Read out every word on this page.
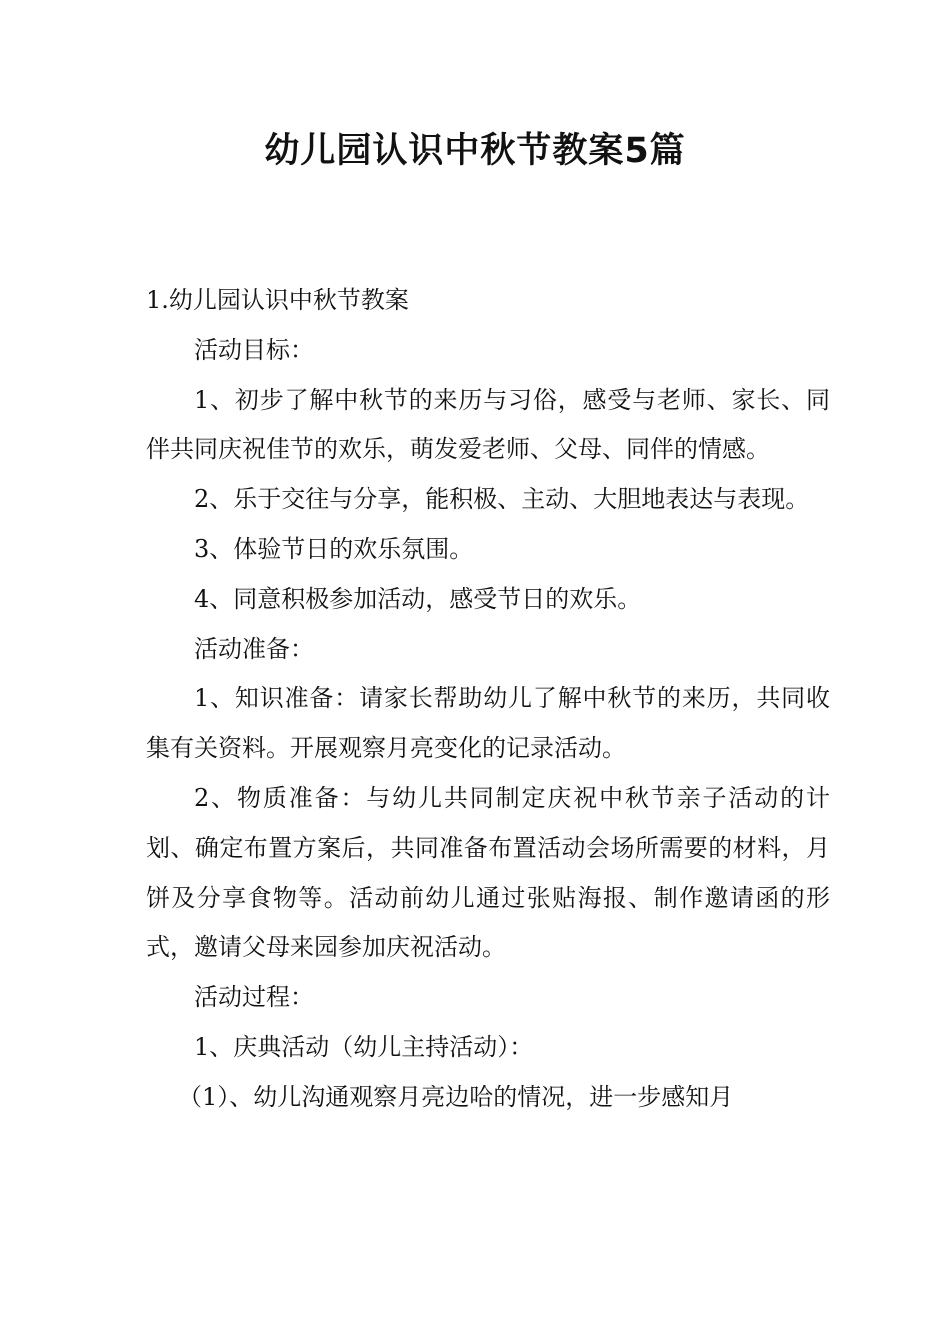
幼儿园认识中秋节教案5篇

1.幼儿园认识中秋节教案

活动目标：

1、初步了解中秋节的来历与习俗，感受与老师、家长、同伴共同庆祝佳节的欢乐，萌发爱老师、父母、同伴的情感。

2、乐于交往与分享，能积极、主动、大胆地表达与表现。

3、体验节日的欢乐氛围。

4、同意积极参加活动，感受节日的欢乐。

活动准备：

1、知识准备：请家长帮助幼儿了解中秋节的来历，共同收集有关资料。开展观察月亮变化的记录活动。

2、物质准备：与幼儿共同制定庆祝中秋节亲子活动的计划、确定布置方案后，共同准备布置活动会场所需要的材料，月饼及分享食物等。活动前幼儿通过张贴海报、制作邀请函的形式，邀请父母来园参加庆祝活动。

活动过程：

1、庆典活动（幼儿主持活动）：

（1）、幼儿沟通观察月亮边哈的情况，进一步感知月
